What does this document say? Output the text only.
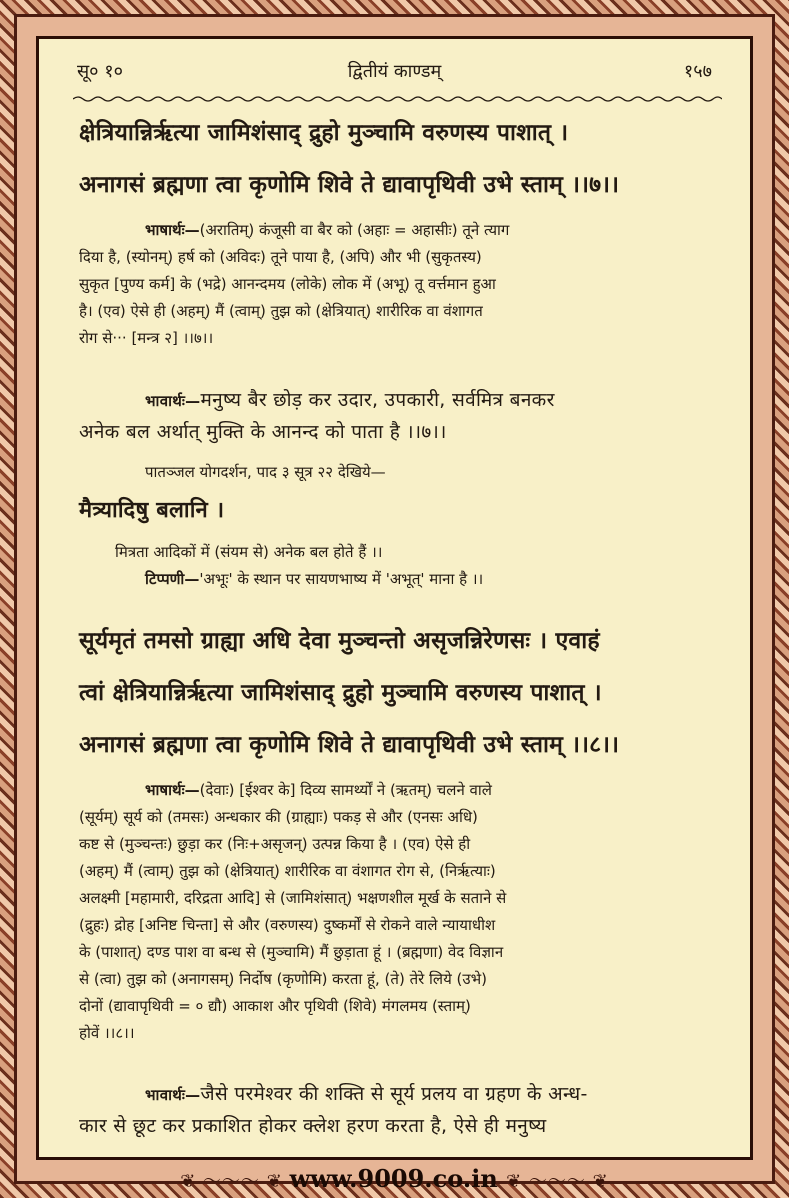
सू० १०	द्वितीयं काण्डम्	१५७
क्षेत्रियान्निर्ऋत्या जामिशंसाद् द्रुहो मुञ्चामि वरुणस्य पाशात् ।
अनागसं ब्रह्मणा त्वा कृणोमि शिवे ते द्यावापृथिवी उभे स्ताम् ।।७।।
भाषार्थः—(अरातिम्) कंजूसी वा बैर को (अहाः = अहासीः) तूने त्याग
दिया है, (स्योनम्) हर्ष को (अविदः) तूने पाया है, (अपि) और भी (सुकृतस्य)
सुकृत [पुण्य कर्म] के (भद्रे) आनन्दमय (लोके) लोक में (अभू) तू वर्त्तमान हुआ
है। (एव) ऐसे ही (अहम्) मैं (त्वाम्) तुझ को (क्षेत्रियात्) शारीरिक वा वंशागत
रोग से··· [मन्त्र २] ।।७।।
भावार्थः—मनुष्य बैर छोड़ कर उदार, उपकारी, सर्वमित्र बनकर
अनेक बल अर्थात् मुक्ति के आनन्द को पाता है ।।७।।
पातञ्जल योगदर्शन, पाद ३ सूत्र २२ देखिये—
मैत्र्यादिषु बलानि ।
मित्रता आदिकों में (संयम से) अनेक बल होते हैं ।।
टिप्पणी—'अभूः' के स्थान पर सायणभाष्य में 'अभूत्' माना है ।।
सूर्यमृतं तमसो ग्राह्या अधि देवा मुञ्चन्तो असृजन्निरेणसः । एवाहं
त्वां क्षेत्रियान्निर्ऋत्या जामिशंसाद् द्रुहो मुञ्चामि वरुणस्य पाशात् ।
अनागसं ब्रह्मणा त्वा कृणोमि शिवे ते द्यावापृथिवी उभे स्ताम् ।।८।।
भाषार्थः—(देवाः) [ईश्वर के] दिव्य सामर्थ्यों ने (ऋतम्) चलने वाले
(सूर्यम्) सूर्य को (तमसः) अन्धकार की (ग्राह्याः) पकड़ से और (एनसः अधि)
कष्ट से (मुञ्चन्तः) छुड़ा कर (निः+असृजन्) उत्पन्न किया है । (एव) ऐसे ही
(अहम्) मैं (त्वाम्) तुझ को (क्षेत्रियात्) शारीरिक वा वंशागत रोग से, (निर्ऋत्याः)
अलक्ष्मी [महामारी, दरिद्रता आदि] से (जामिशंसात्) भक्षणशील मूर्ख के सताने से
(द्रुहः) द्रोह [अनिष्ट चिन्ता] से और (वरुणस्य) दुष्कर्मों से रोकने वाले न्यायाधीश
के (पाशात्) दण्ड पाश वा बन्ध से (मुञ्चामि) मैं छुड़ाता हूं । (ब्रह्मणा) वेद विज्ञान
से (त्वा) तुझ को (अनागसम्) निर्दोष (कृणोमि) करता हूं, (ते) तेरे लिये (उभे)
दोनों (द्यावापृथिवी = ० द्यौ) आकाश और पृथिवी (शिवे) मंगलमय (स्ताम्)
होवें ।।८।।
भावार्थः—जैसे परमेश्वर की शक्ति से सूर्य प्रलय वा ग्रहण के अन्ध-
कार से छूट कर प्रकाशित होकर क्लेश हरण करता है, ऐसे ही मनुष्य
❦ ～～～ ❦ www.9009.co.in ❦ ～～～ ❦
